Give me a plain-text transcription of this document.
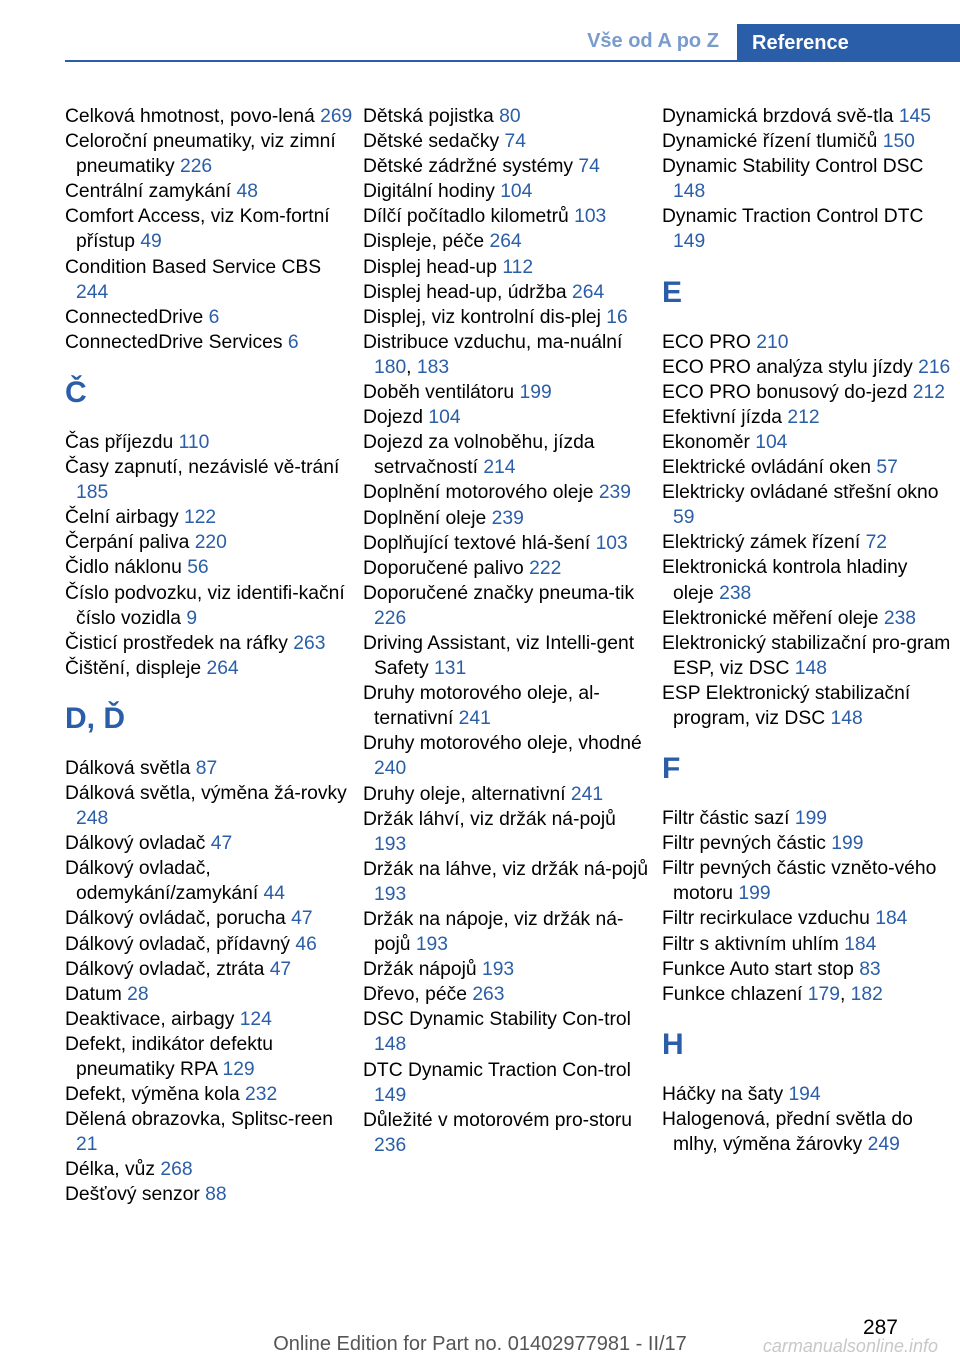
Vše od A po Z	Reference
Celková hmotnost, povo‐lená 269
Celoroční pneumatiky, viz zimní pneumatiky 226
Centrální zamykání 48
Comfort Access, viz Kom‐fortní přístup 49
Condition Based Service CBS 244
ConnectedDrive 6
ConnectedDrive Services 6
Č
Čas příjezdu 110
Časy zapnutí, nezávislé vě‐trání 185
Čelní airbagy 122
Čerpání paliva 220
Čidlo náklonu 56
Číslo podvozku, viz identifi‐kační číslo vozidla 9
Čisticí prostředek na ráfky 263
Čištění, displeje 264
D, Ď
Dálková světla 87
Dálková světla, výměna žá‐rovky 248
Dálkový ovladač 47
Dálkový ovladač, odemykání/zamykání 44
Dálkový ovládač, porucha 47
Dálkový ovladač, přídavný 46
Dálkový ovladač, ztráta 47
Datum 28
Deaktivace, airbagy 124
Defekt, indikátor defektu pneumatiky RPA 129
Defekt, výměna kola 232
Dělená obrazovka, Splitsc‐reen 21
Délka, vůz 268
Dešťový senzor 88
Dětská pojistka 80
Dětské sedačky 74
Dětské zádržné systémy 74
Digitální hodiny 104
Dílčí počítadlo kilometrů 103
Displeje, péče 264
Displej head-up 112
Displej head-up, údržba 264
Displej, viz kontrolní dis‐plej 16
Distribuce vzduchu, ma‐nuální 180, 183
Doběh ventilátoru 199
Dojezd 104
Dojezd za volnoběhu, jízda setrvačností 214
Doplnění motorového oleje 239
Doplnění oleje 239
Doplňující textové hlá‐šení 103
Doporučené palivo 222
Doporučené značky pneuma‐tik 226
Driving Assistant, viz Intelli‐gent Safety 131
Druhy motorového oleje, al‐ternativní 241
Druhy motorového oleje, vhodné 240
Druhy oleje, alternativní 241
Držák láhví, viz držák ná‐pojů 193
Držák na láhve, viz držák ná‐pojů 193
Držák na nápoje, viz držák ná‐pojů 193
Držák nápojů 193
Dřevo, péče 263
DSC Dynamic Stability Con‐trol 148
DTC Dynamic Traction Con‐trol 149
Důležité v motorovém pro‐storu 236
Dynamická brzdová svě‐tla 145
Dynamické řízení tlumičů 150
Dynamic Stability Control DSC 148
Dynamic Traction Control DTC 149
E
ECO PRO 210
ECO PRO analýza stylu jízdy 216
ECO PRO bonusový do‐jezd 212
Efektivní jízda 212
Ekonoměr 104
Elektrické ovládání oken 57
Elektricky ovládané střešní okno 59
Elektrický zámek řízení 72
Elektronická kontrola hladiny oleje 238
Elektronické měření oleje 238
Elektronický stabilizační pro‐gram ESP, viz DSC 148
ESP Elektronický stabilizační program, viz DSC 148
F
Filtr částic sazí 199
Filtr pevných částic 199
Filtr pevných částic vzněto‐vého motoru 199
Filtr recirkulace vzduchu 184
Filtr s aktivním uhlím 184
Funkce Auto start stop 83
Funkce chlazení 179, 182
H
Háčky na šaty 194
Halogenová, přední světla do mlhy, výměna žárovky 249
287
Online Edition for Part no. 01402977981 - II/17	carmanualsonline.info
